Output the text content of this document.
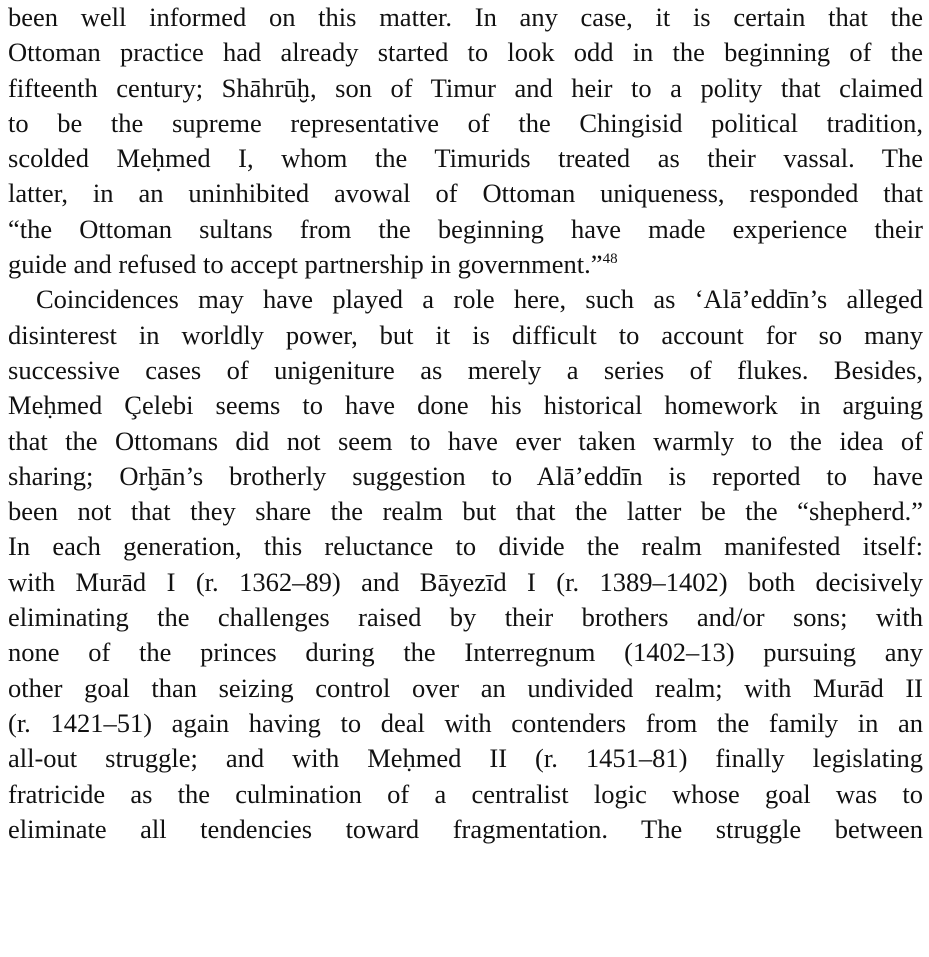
been well informed on this matter. In any case, it is certain that the
Ottoman practice had already started to look odd in the beginning of the
fifteenth century; Shāhrūḫ, son of Timur and heir to a polity that claimed
to be the supreme representative of the Chingisid political tradition,
scolded Meḥmed I, whom the Timurids treated as their vassal. The
latter, in an uninhibited avowal of Ottoman uniqueness, responded that
“the Ottoman sultans from the beginning have made experience their
guide and refused to accept partnership in government.”$^{48}$
Coincidences may have played a role here, such as ‘Alā’eddīn’s alleged
disinterest in worldly power, but it is difficult to account for so many
successive cases of unigeniture as merely a series of flukes. Besides,
Meḥmed Çelebi seems to have done his historical homework in arguing
that the Ottomans did not seem to have ever taken warmly to the idea of
sharing; Orḫān’s brotherly suggestion to Alā’eddīn is reported to have
been not that they share the realm but that the latter be the “shepherd.”
In each generation, this reluctance to divide the realm manifested itself:
with Murād I (r. 1362–89) and Bāyezīd I (r. 1389–1402) both decisively
eliminating the challenges raised by their brothers and/or sons; with
none of the princes during the Interregnum (1402–13) pursuing any
other goal than seizing control over an undivided realm; with Murād II
(r. 1421–51) again having to deal with contenders from the family in an
all-out struggle; and with Meḥmed II (r. 1451–81) finally legislating
fratricide as the culmination of a centralist logic whose goal was to
eliminate all tendencies toward fragmentation. The struggle between
